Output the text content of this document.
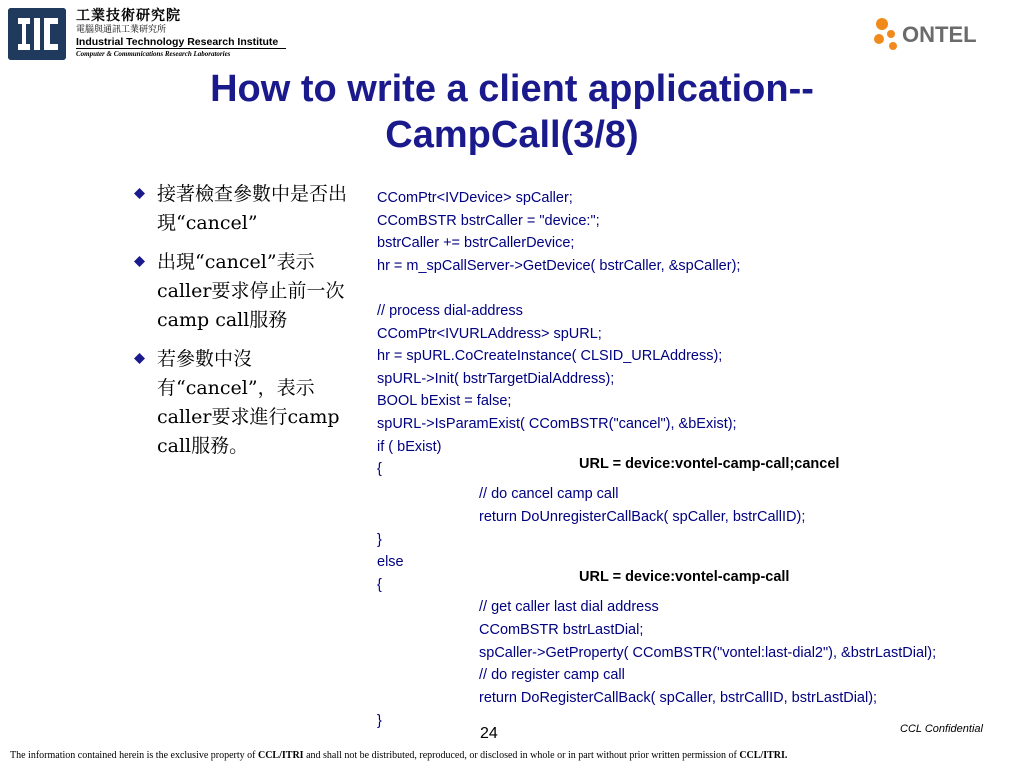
工業技術研究院
電腦與通訊工業研究所
Industrial Technology Research Institute
Computer & Communications Research Laboratories
ONTEL
How to write a client application--
CampCall(3/8)
接著檢查參數中是否出現“cancel”
出現“cancel”表示caller要求停止前一次camp call服務
若參數中沒有“cancel”，表示caller要求進行camp call服務。
CComPtr<IVDevice> spCaller;
CComBSTR bstrCaller = "device:";
bstrCaller += bstrCallerDevice;
hr = m_spCallServer->GetDevice( bstrCaller, &spCaller);
// process dial-address
CComPtr<IVURLAddress> spURL;
hr = spURL.CoCreateInstance( CLSID_URLAddress);
spURL->Init( bstrTargetDialAddress);
BOOL bExist = false;
spURL->IsParamExist( CComBSTR("cancel"), &bExist);
if ( bExist)
{
// do cancel camp call
return DoUnregisterCallBack( spCaller, bstrCallID);
}
else
{
// get caller last dial address
CComBSTR bstrLastDial;
spCaller->GetProperty( CComBSTR("vontel:last-dial2"), &bstrLastDial);
// do register camp call
return DoRegisterCallBack( spCaller, bstrCallID, bstrLastDial);
}
URL = device:vontel-camp-call;cancel
URL = device:vontel-camp-call
24	CCL Confidential
The information contained herein is the exclusive property of CCL/ITRI and shall not be distributed, reproduced, or disclosed in whole or in part without prior written permission of CCL/ITRI.
